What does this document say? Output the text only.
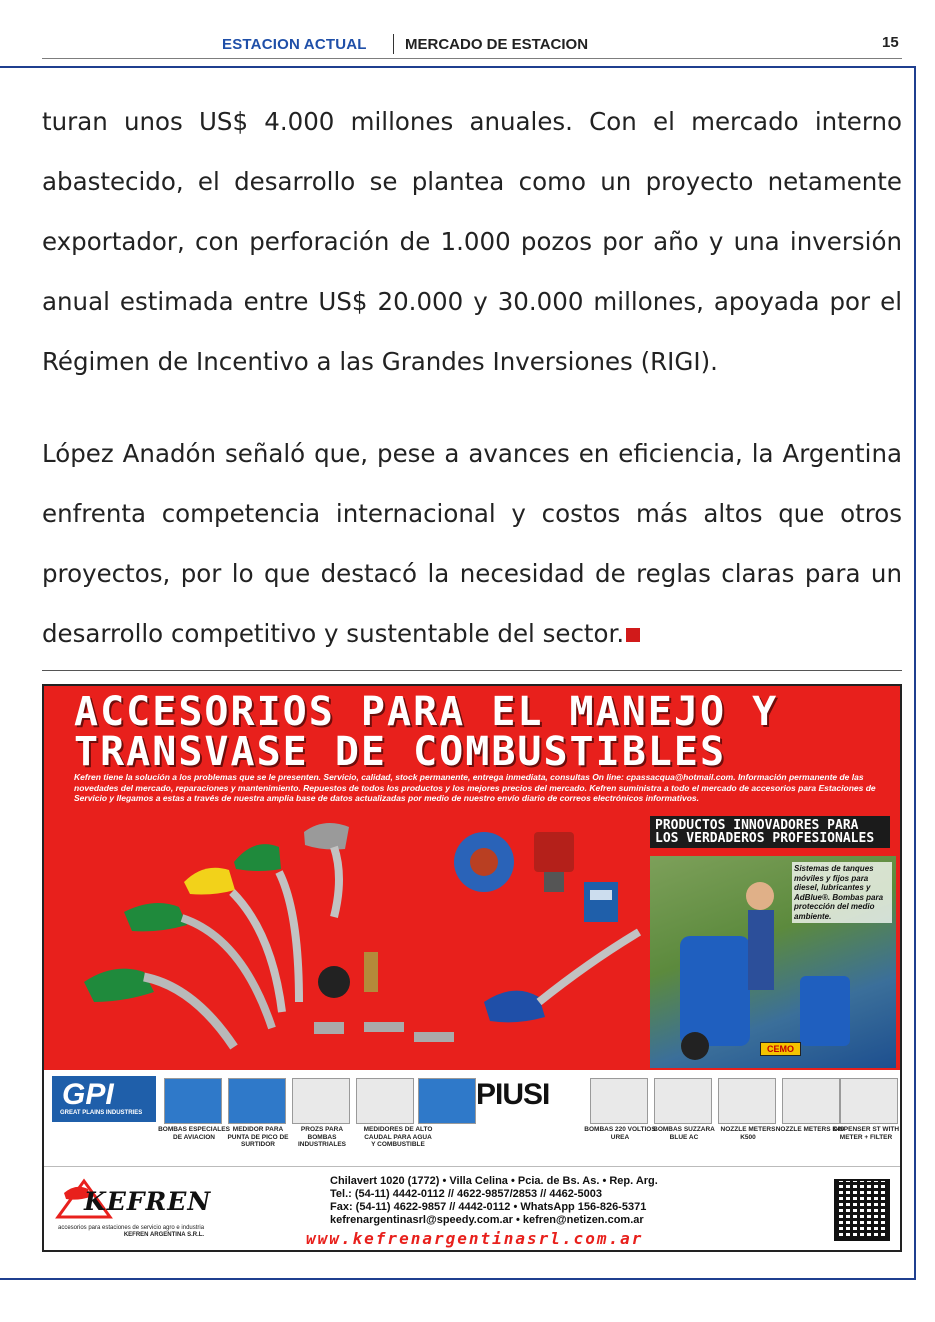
ESTACION ACTUAL	MERCADO DE ESTACION	15

turan unos US$ 4.000 millones anuales. Con el mercado interno abastecido, el desarrollo se plantea como un proyecto netamente exportador, con perforación de 1.000 pozos por año y una inversión anual estimada entre US$ 20.000 y 30.000 millones, apoyada por el Régimen de Incentivo a las Grandes Inversiones (RIGI).

López Anadón señaló que, pese a avances en eficiencia, la Argentina enfrenta competencia internacional y costos más altos que otros proyectos, por lo que destacó la necesidad de reglas claras para un desarrollo competitivo y sustentable del sector.

ACCESORIOS PARA EL MANEJO Y
TRANSVASE DE COMBUSTIBLES
Kefren tiene la solución a los problemas que se le presenten. Servicio, calidad, stock permanente, entrega inmediata, consultas On line: cpassacqua@hotmail.com. Información permanente de las novedades del mercado, reparaciones y mantenimiento. Repuestos de todos los productos y los mejores precios del mercado. Kefren suministra a todo el mercado de accesorios para Estaciones de Servicio y llegamos a estas a través de nuestra amplia base de datos actualizadas por medio de nuestro envío diario de correos electrónicos informativos.
PRODUCTOS INNOVADORES PARA LOS VERDADEROS PROFESIONALES
Sistemas de tanques móviles y fijos para diesel, lubricantes y AdBlue®. Bombas para protección del medio ambiente.
CEMO
GPI
GREAT PLAINS INDUSTRIES
PIUSI
BOMBAS ESPECIALES DE AVIACION
MEDIDOR PARA PUNTA DE PICO DE SURTIDOR
PROZS PARA BOMBAS INDUSTRIALES
MEDIDORES DE ALTO CAUDAL PARA AGUA Y COMBUSTIBLE
BOMBAS 220 VOLTIOS UREA
BOMBAS SUZZARA BLUE AC
NOZZLE METERS K500
NOZZLE METERS K40
DISPENSER ST WITH METER + FILTER
KEFREN
accesorios para estaciones de servicio agro e industria
KEFREN ARGENTINA S.R.L.
Chilavert 1020 (1772) • Villa Celina • Pcia. de Bs. As. • Rep. Arg.
Tel.: (54-11) 4442-0112 // 4622-9857/2853 // 4462-5003
Fax: (54-11) 4622-9857 // 4442-0112 • WhatsApp 156-826-5371
kefrenargentinasrl@speedy.com.ar • kefren@netizen.com.ar
www.kefrenargentinasrl.com.ar
